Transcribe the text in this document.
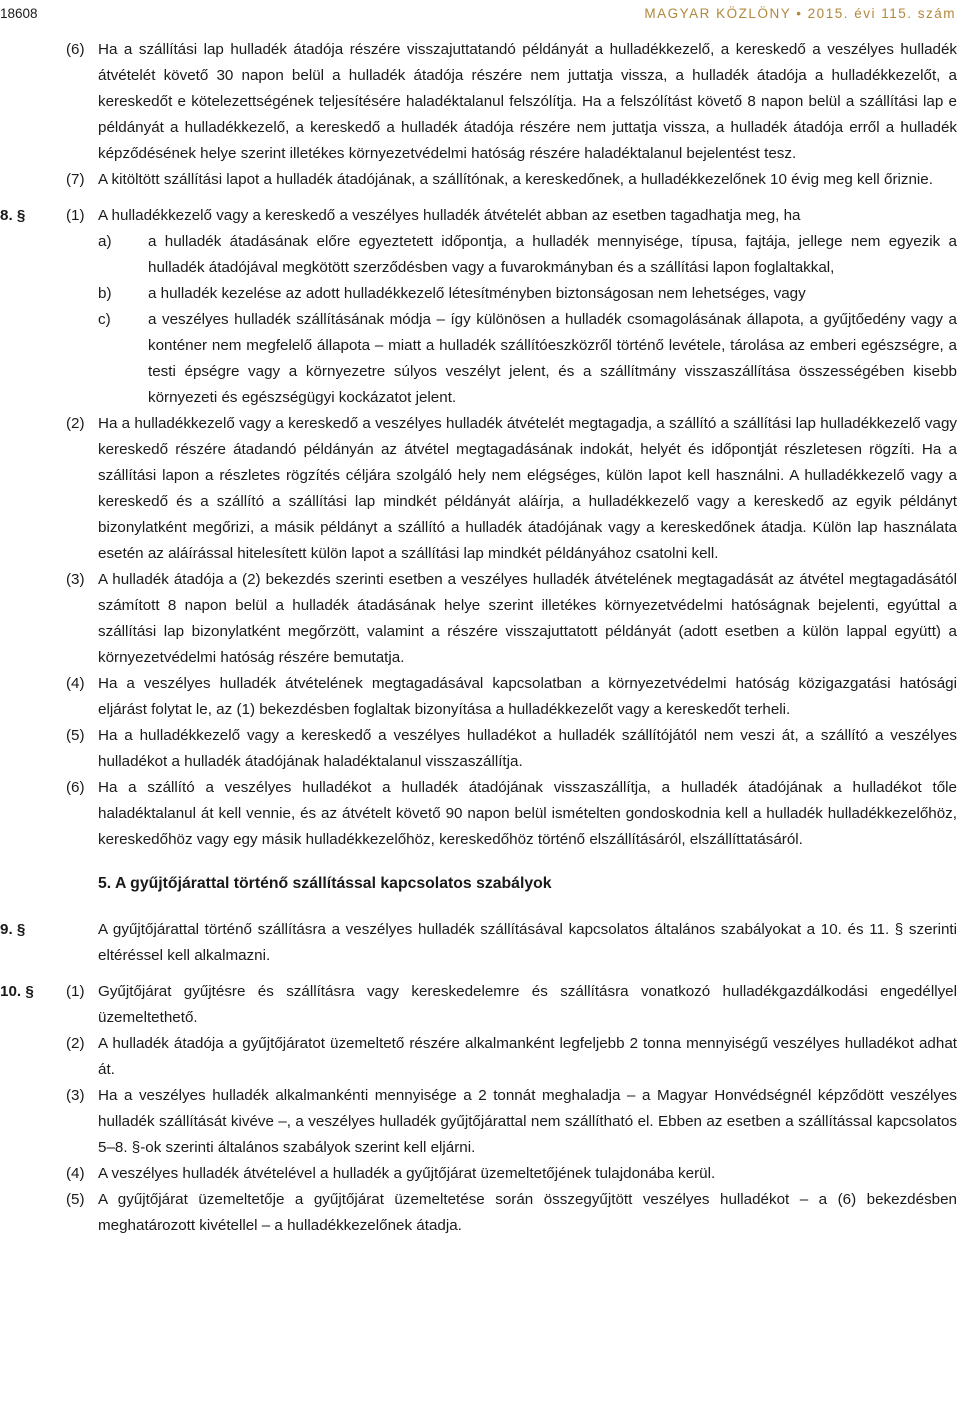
18608	MAGYAR KÖZLÖNY • 2015. évi 115. szám
(6) Ha a szállítási lap hulladék átadója részére visszajuttatandó példányát a hulladékkezelő, a kereskedő a veszélyes hulladék átvételét követő 30 napon belül a hulladék átadója részére nem juttatja vissza, a hulladék átadója a hulladékkezelőt, a kereskedőt e kötelezettségének teljesítésére haladéktalanul felszólítja. Ha a felszólítást követő 8 napon belül a szállítási lap e példányát a hulladékkezelő, a kereskedő a hulladék átadója részére nem juttatja vissza, a hulladék átadója erről a hulladék képződésének helye szerint illetékes környezetvédelmi hatóság részére haladéktalanul bejelentést tesz.
(7) A kitöltött szállítási lapot a hulladék átadójának, a szállítónak, a kereskedőnek, a hulladékkezelőnek 10 évig meg kell őriznie.
8. §	(1) A hulladékkezelő vagy a kereskedő a veszélyes hulladék átvételét abban az esetben tagadhatja meg, ha
a) a hulladék átadásának előre egyeztetett időpontja, a hulladék mennyisége, típusa, fajtája, jellege nem egyezik a hulladék átadójával megkötött szerződésben vagy a fuvarokmányban és a szállítási lapon foglaltakkal,
b) a hulladék kezelése az adott hulladékkezelő létesítményben biztonságosan nem lehetséges, vagy
c) a veszélyes hulladék szállításának módja – így különösen a hulladék csomagolásának állapota, a gyűjtőedény vagy a konténer nem megfelelő állapota – miatt a hulladék szállítóeszközről történő levétele, tárolása az emberi egészségre, a testi épségre vagy a környezetre súlyos veszélyt jelent, és a szállítmány visszaszállítása összességében kisebb környezeti és egészségügyi kockázatot jelent.
(2) Ha a hulladékkezelő vagy a kereskedő a veszélyes hulladék átvételét megtagadja, a szállító a szállítási lap hulladékkezelő vagy kereskedő részére átadandó példányán az átvétel megtagadásának indokát, helyét és időpontját részletesen rögzíti. Ha a szállítási lapon a részletes rögzítés céljára szolgáló hely nem elégséges, külön lapot kell használni. A hulladékkezelő vagy a kereskedő és a szállító a szállítási lap mindkét példányát aláírja, a hulladékkezelő vagy a kereskedő az egyik példányt bizonylatként megőrizi, a másik példányt a szállító a hulladék átadójának vagy a kereskedőnek átadja. Külön lap használata esetén az aláírással hitelesített külön lapot a szállítási lap mindkét példányához csatolni kell.
(3) A hulladék átadója a (2) bekezdés szerinti esetben a veszélyes hulladék átvételének megtagadását az átvétel megtagadásától számított 8 napon belül a hulladék átadásának helye szerint illetékes környezetvédelmi hatóságnak bejelenti, egyúttal a szállítási lap bizonylatként megőrzött, valamint a részére visszajuttatott példányát (adott esetben a külön lappal együtt) a környezetvédelmi hatóság részére bemutatja.
(4) Ha a veszélyes hulladék átvételének megtagadásával kapcsolatban a környezetvédelmi hatóság közigazgatási hatósági eljárást folytat le, az (1) bekezdésben foglaltak bizonyítása a hulladékkezelőt vagy a kereskedőt terheli.
(5) Ha a hulladékkezelő vagy a kereskedő a veszélyes hulladékot a hulladék szállítójától nem veszi át, a szállító a veszélyes hulladékot a hulladék átadójának haladéktalanul visszaszállítja.
(6) Ha a szállító a veszélyes hulladékot a hulladék átadójának visszaszállítja, a hulladék átadójának a hulladékot tőle haladéktalanul át kell vennie, és az átvételt követő 90 napon belül ismételten gondoskodnia kell a hulladék hulladékkezelőhöz, kereskedőhöz vagy egy másik hulladékkezelőhöz, kereskedőhöz történő elszállításáról, elszállíttatásáról.
5. A gyűjtőjárattal történő szállítással kapcsolatos szabályok
9. §	A gyűjtőjárattal történő szállításra a veszélyes hulladék szállításával kapcsolatos általános szabályokat a 10. és 11. § szerinti eltéréssel kell alkalmazni.
10. § (1) Gyűjtőjárat gyűjtésre és szállításra vagy kereskedelemre és szállításra vonatkozó hulladékgazdálkodási engedéllyel üzemeltethető.
(2) A hulladék átadója a gyűjtőjáratot üzemeltető részére alkalmanként legfeljebb 2 tonna mennyiségű veszélyes hulladékot adhat át.
(3) Ha a veszélyes hulladék alkalmankénti mennyisége a 2 tonnát meghaladja – a Magyar Honvédségnél képződött veszélyes hulladék szállítását kivéve –, a veszélyes hulladék gyűjtőjárattal nem szállítható el. Ebben az esetben a szállítással kapcsolatos 5–8. §-ok szerinti általános szabályok szerint kell eljárni.
(4) A veszélyes hulladék átvételével a hulladék a gyűjtőjárat üzemeltetőjének tulajdonába kerül.
(5) A gyűjtőjárat üzemeltetője a gyűjtőjárat üzemeltetése során összegyűjtött veszélyes hulladékot – a (6) bekezdésben meghatározott kivétellel – a hulladékkezelőnek átadja.
